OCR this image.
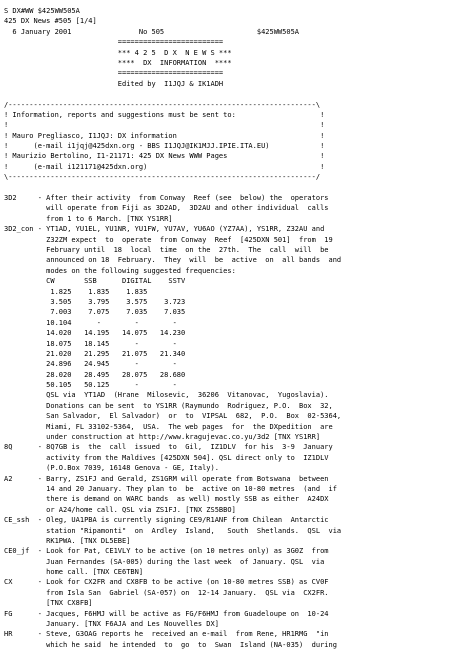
S DX#WW $425WW505A
425 DX News #505 [1/4]
6 January 2001                No 505                      $425WW505A
=========================
*** 4 2 5  D X  N E W S ***
****  DX  INFORMATION  ****
=========================
Edited by  I1JQJ & IK1ADH
/-------------------------------------------------------------------------\
! Information, reports and suggestions must be sent to:                    !
!                                                                          !
! Mauro Pregliasco, I1JQJ: DX information                                  !
!      (e-mail i1jqj@425dxn.org - BBS I1JQJ@IK1MJJ.IPIE.ITA.EU)            !
! Maurizio Bertolino, I1-21171: 425 DX News WWW Pages                      !
!      (e-mail i121171@425dxn.org)                                         !
\-------------------------------------------------------------------------/
3D2     - After their activity  from Conway  Reef (see  below) the  operators
will operate from Fiji as 3D2AD,  3D2AU and other individual  calls
from 1 to 6 March. [TNX YS1RR]
3D2_con - YT1AD, YU1EL, YU1NR, YU1FW, YU7AV, YU6AO (YZ7AA), YS1RR, Z32AU and
Z32ZM expect  to  operate  from Conway  Reef  [425DXN 501]  from  19
February until  18  local  time  on the  27th.  The  call  will  be
announced on 18  February.  They  will  be  active  on  all bands  and
modes on the following suggested frequencies:
CW       SSB      DIGITAL    SSTV
1.825    1.835    1.835
3.505    3.795    3.575    3.723
7.003    7.075    7.035    7.035
10.104      -        -        -
14.020   14.195   14.075   14.230
18.075   18.145      -        -
21.020   21.295   21.075   21.340
24.896   24.945      -        -
28.020   28.495   28.075   28.680
50.105   50.125      -        -
QSL via  YT1AD  (Hrane  Milosevic,  36206  Vitanovac,  Yugoslavia).
Donations can be sent  to YS1RR (Raymundo  Rodriguez, P.O.  Box  32,
San Salvador,  El Salvador)  or  to  VIPSAL  682,  P.O.  Box  02-5364,
Miami, FL 33102-5364,  USA.  The web pages  for  the DXpedition  are
under construction at http://www.kragujevac.co.yu/3d2 [TNX YS1RR]
8Q      - 8Q7GB is  the  call  issued  to  Gil,  IZ1DLV  for his  3-9  January
activity from the Maldives [425DXN 504]. QSL direct only to  IZ1DLV
(P.O.Box 7039, 16148 Genova - GE, Italy).
A2      - Barry, ZS1FJ and Gerald, ZS1GRM will operate from Botswana  between
14 and 20 January. They plan to  be  active on 10-80 metres  (and  if
there is demand on WARC bands  as well) mostly SSB as either  A24DX
or A24/home call. QSL via ZS1FJ. [TNX ZS5BBO]
CE_ssh  - Oleg, UA1PBA is currently signing CE9/R1ANF from Chilean  Antarctic
station "Ripamonti"  on  Ardley  Island,   South  Shetlands.  QSL  via
RK1PWA. [TNX DL5EBE]
CE0_jf  - Look for Pat, CE1VLY to be active (on 10 metres only) as 3G0Z  from
Juan Fernandes (SA-005) during the last week  of January. QSL  via
home call. [TNX CE6TBN]
CX      - Look for CX2FR and CX8FB to be active (on 10-80 metres SSB) as CV0F
from Isla San  Gabriel (SA-057) on  12-14 January.  QSL via  CX2FR.
[TNX CX8FB]
FG      - Jacques, F6HMJ will be active as FG/F6HMJ from Guadeloupe on  10-24
January. [TNX F6AJA and Les Nouvelles DX]
HR      - Steve, G3OAG reports he  received an e-mail  from Rene, HR1RMG  "in
which he said  he intended  to  go  to  Swan  Island (NA-035)  during
